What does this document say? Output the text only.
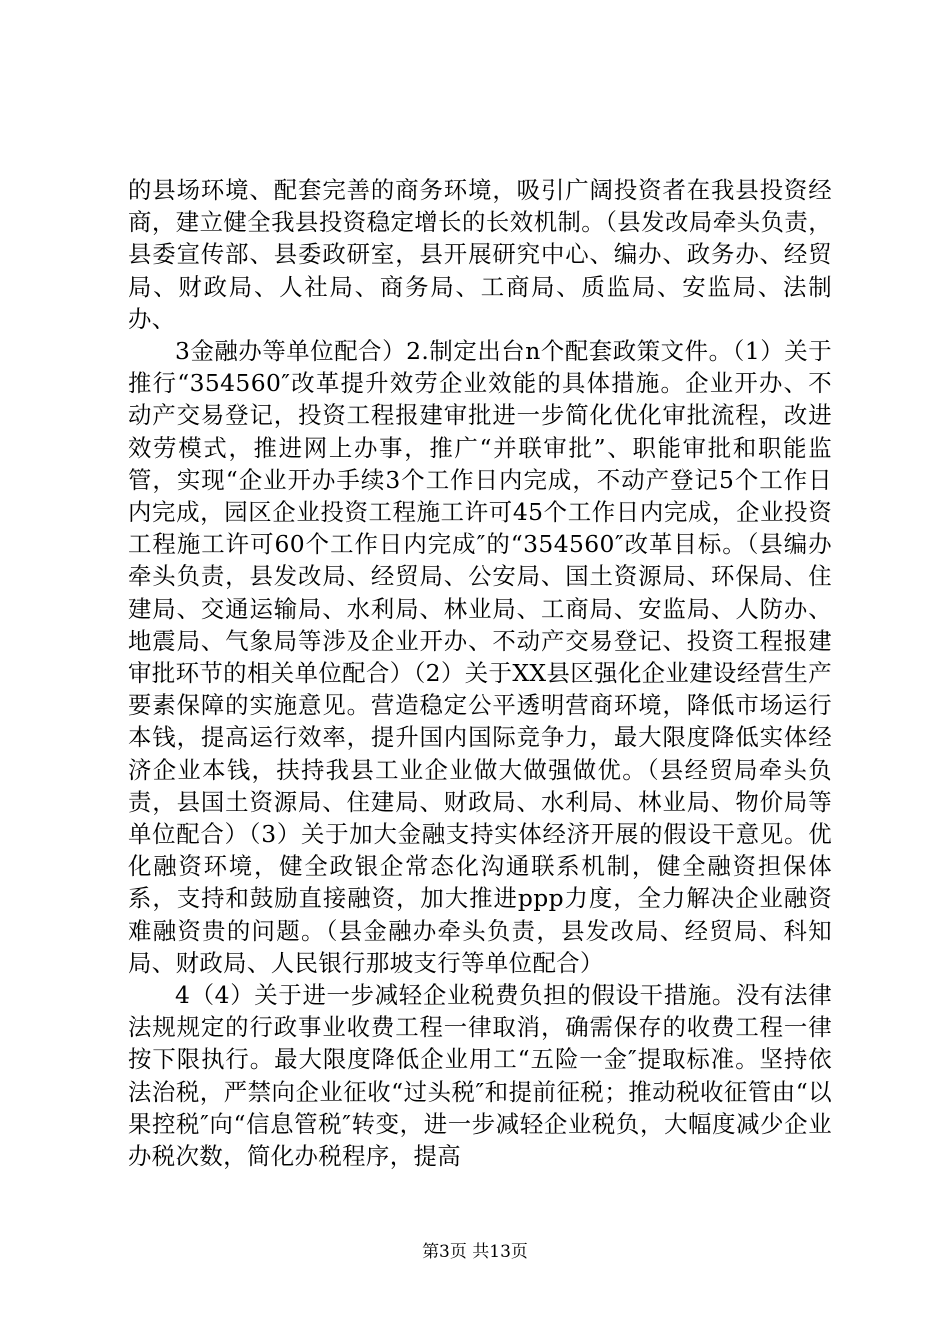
的县场环境、配套完善的商务环境，吸引广阔投资者在我县投资经商，建立健全我县投资稳定增长的长效机制。（县发改局牵头负责，县委宣传部、县委政研室，县开展研究中心、编办、政务办、经贸局、财政局、人社局、商务局、工商局、质监局、安监局、法制办、

3金融办等单位配合）2.制定出台n个配套政策文件。（1）关于推行“354560″改革提升效劳企业效能的具体措施。企业开办、不动产交易登记，投资工程报建审批进一步简化优化审批流程，改进效劳模式，推进网上办事，推广“并联审批”、职能审批和职能监管，实现“企业开办手续3个工作日内完成，不动产登记5个工作日内完成，园区企业投资工程施工许可45个工作日内完成，企业投资工程施工许可60个工作日内完成″的“354560″改革目标。（县编办牵头负责，县发改局、经贸局、公安局、国土资源局、环保局、住建局、交通运输局、水利局、林业局、工商局、安监局、人防办、地震局、气象局等涉及企业开办、不动产交易登记、投资工程报建审批环节的相关单位配合）（2）关于XX县区强化企业建设经营生产要素保障的实施意见。营造稳定公平透明营商环境，降低市场运行本钱，提高运行效率，提升国内国际竞争力，最大限度降低实体经济企业本钱，扶持我县工业企业做大做强做优。（县经贸局牵头负责，县国土资源局、住建局、财政局、水利局、林业局、物价局等单位配合）（3）关于加大金融支持实体经济开展的假设干意见。优化融资环境，健全政银企常态化沟通联系机制，健全融资担保体系，支持和鼓励直接融资，加大推进ppp力度，全力解决企业融资难融资贵的问题。（县金融办牵头负责，县发改局、经贸局、科知局、财政局、人民银行那坡支行等单位配合）

4（4）关于进一步减轻企业税费负担的假设干措施。没有法律法规规定的行政事业收费工程一律取消，确需保存的收费工程一律按下限执行。最大限度降低企业用工“五险一金″提取标准。坚持依法治税，严禁向企业征收“过头税″和提前征税；推动税收征管由“以果控税″向“信息管税″转变，进一步减轻企业税负，大幅度减少企业办税次数，简化办税程序，提高

第3页 共13页
